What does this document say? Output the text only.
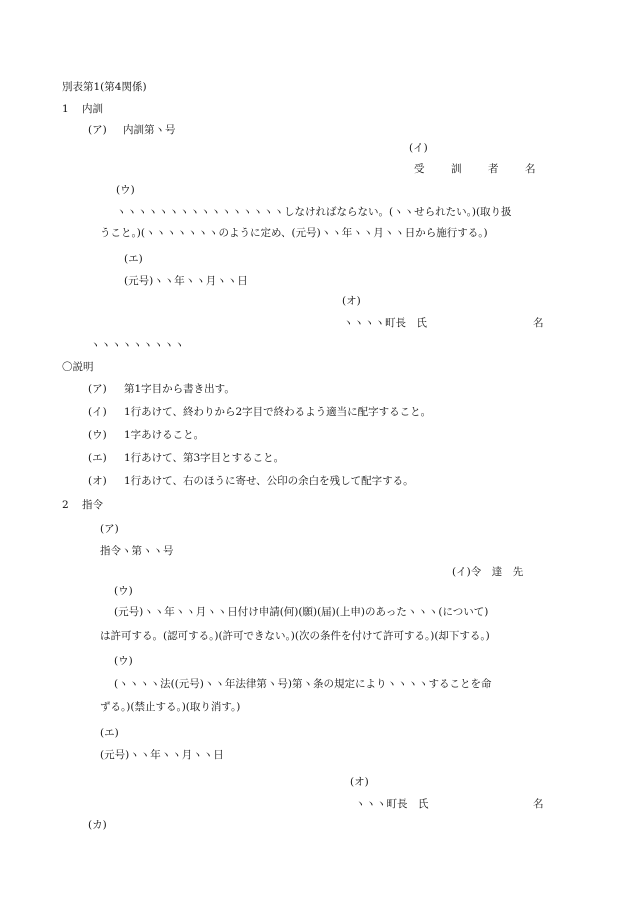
別表第1(第4関係)
1 内訓
(ア) 内訓第ヽ号
(イ)
受	訓	者	名
(ウ)
ヽヽヽヽヽヽヽヽヽヽヽヽヽヽヽヽしなければならない。(ヽヽせられたい。)(取り扱
うこと。)(ヽヽヽヽヽヽヽのように定め、(元号)ヽヽ年ヽヽ月ヽヽ日から施行する。)
(エ)
(元号)ヽヽ年ヽヽ月ヽヽ日
(オ)
ヽヽヽヽ町長　氏	名
ヽヽヽヽヽヽヽヽヽ
〇説明
(ア) 第1字目から書き出す。
(イ) 1行あけて、終わりから2字目で終わるよう適当に配字すること。
(ウ) 1字あけること。
(エ) 1行あけて、第3字目とすること。
(オ) 1行あけて、右のほうに寄せ、公印の余白を残して配字する。
2 指令
(ア)
指令ヽ第ヽヽ号
(イ)令　達　先
(ウ)
(元号)ヽヽ年ヽヽ月ヽヽ日付け申請(何)(願)(届)(上申)のあったヽヽヽ(について)
は許可する。(認可する。)(許可できない。)(次の条件を付けて許可する。)(却下する。)
(ウ)
(ヽヽヽヽ法((元号)ヽヽ年法律第ヽ号)第ヽ条の規定によりヽヽヽヽすることを命
ずる。)(禁止する。)(取り消す。)
(エ)
(元号)ヽヽ年ヽヽ月ヽヽ日
(オ)
ヽヽヽ町長　氏	名
(カ)
